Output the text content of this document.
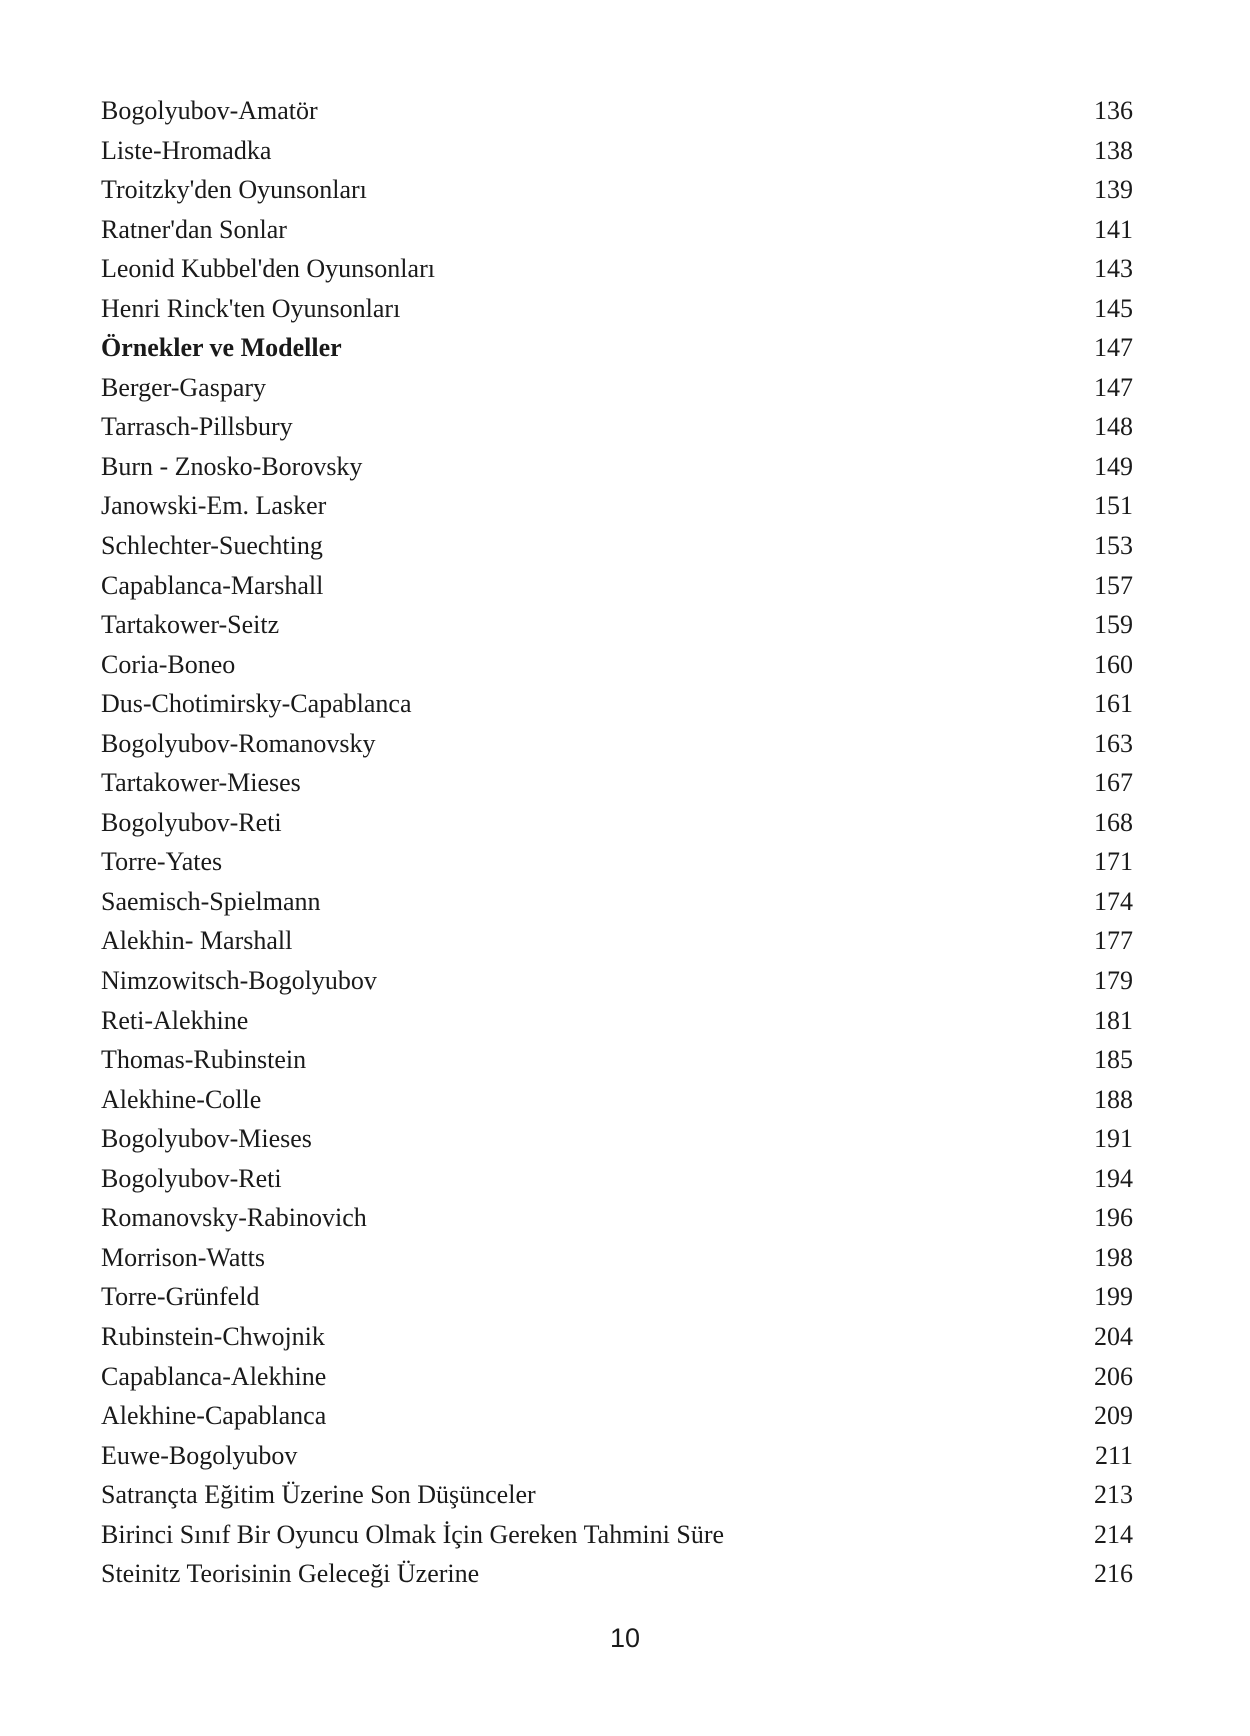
Bogolyubov-Amatör	136
Liste-Hromadka	138
Troitzky'den Oyunsonları	139
Ratner'dan Sonlar	141
Leonid Kubbel'den Oyunsonları	143
Henri Rinck'ten Oyunsonları	145
Örnekler ve Modeller	147
Berger-Gaspary	147
Tarrasch-Pillsbury	148
Burn - Znosko-Borovsky	149
Janowski-Em. Lasker	151
Schlechter-Suechting	153
Capablanca-Marshall	157
Tartakower-Seitz	159
Coria-Boneo	160
Dus-Chotimirsky-Capablanca	161
Bogolyubov-Romanovsky	163
Tartakower-Mieses	167
Bogolyubov-Reti	168
Torre-Yates	171
Saemisch-Spielmann	174
Alekhin- Marshall	177
Nimzowitsch-Bogolyubov	179
Reti-Alekhine	181
Thomas-Rubinstein	185
Alekhine-Colle	188
Bogolyubov-Mieses	191
Bogolyubov-Reti	194
Romanovsky-Rabinovich	196
Morrison-Watts	198
Torre-Grünfeld	199
Rubinstein-Chwojnik	204
Capablanca-Alekhine	206
Alekhine-Capablanca	209
Euwe-Bogolyubov	211
Satrançta Eğitim Üzerine Son Düşünceler	213
Birinci Sınıf Bir Oyuncu Olmak İçin Gereken Tahmini Süre	214
Steinitz Teorisinin Geleceği Üzerine	216
10
